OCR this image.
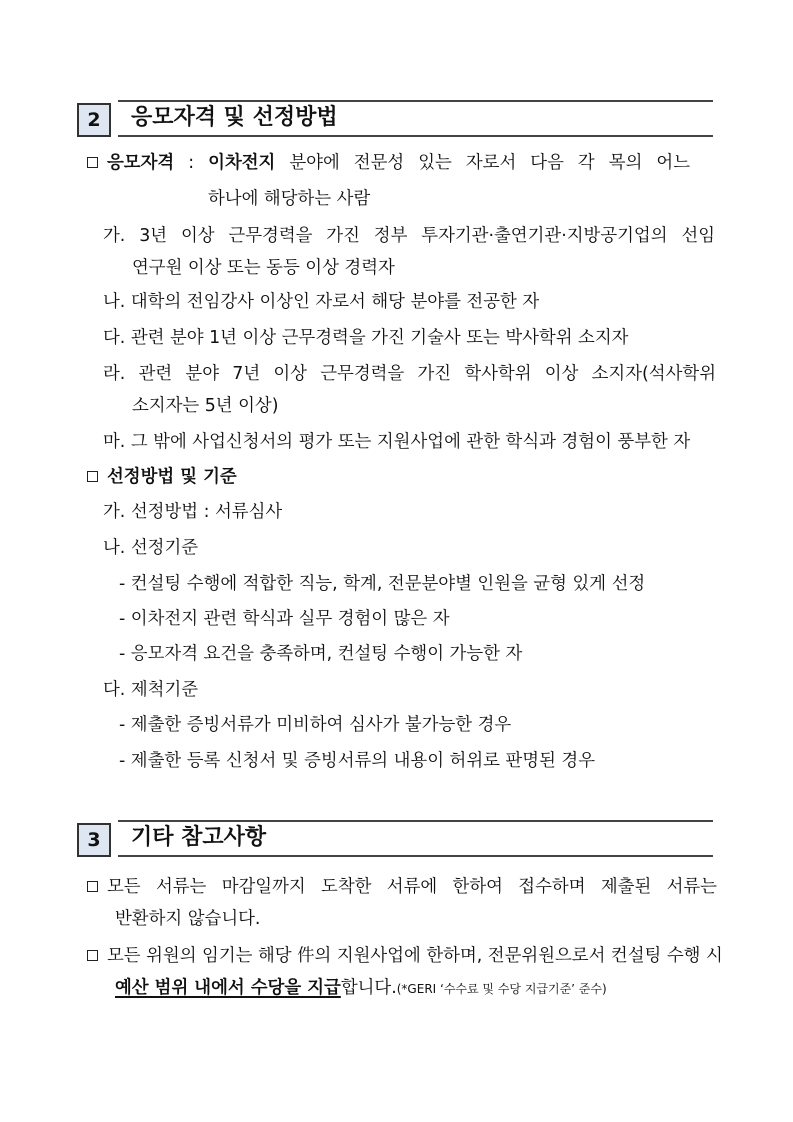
2 응모자격 및 선정방법
응모자격 : 이차전지 분야에 전문성 있는 자로서 다음 각 목의 어느
하나에 해당하는 사람
가. 3년 이상 근무경력을 가진 정부 투자기관·출연기관·지방공기업의 선임
연구원 이상 또는 동등 이상 경력자
나. 대학의 전임강사 이상인 자로서 해당 분야를 전공한 자
다. 관련 분야 1년 이상 근무경력을 가진 기술사 또는 박사학위 소지자
라. 관련 분야 7년 이상 근무경력을 가진 학사학위 이상 소지자(석사학위
소지자는 5년 이상)
마. 그 밖에 사업신청서의 평가 또는 지원사업에 관한 학식과 경험이 풍부한 자
선정방법 및 기준
가. 선정방법 : 서류심사
나. 선정기준
- 컨설팅 수행에 적합한 직능, 학계, 전문분야별 인원을 균형 있게 선정
- 이차전지 관련 학식과 실무 경험이 많은 자
- 응모자격 요건을 충족하며, 컨설팅 수행이 가능한 자
다. 제척기준
- 제출한 증빙서류가 미비하여 심사가 불가능한 경우
- 제출한 등록 신청서 및 증빙서류의 내용이 허위로 판명된 경우
3 기타 참고사항
모든 서류는 마감일까지 도착한 서류에 한하여 접수하며 제출된 서류는
반환하지 않습니다.
모든 위원의 임기는 해당 件의 지원사업에 한하며, 전문위원으로서 컨설팅 수행 시
예산 범위 내에서 수당을 지급합니다.(*GERI ‘수수료 및 수당 지급기준’ 준수)
